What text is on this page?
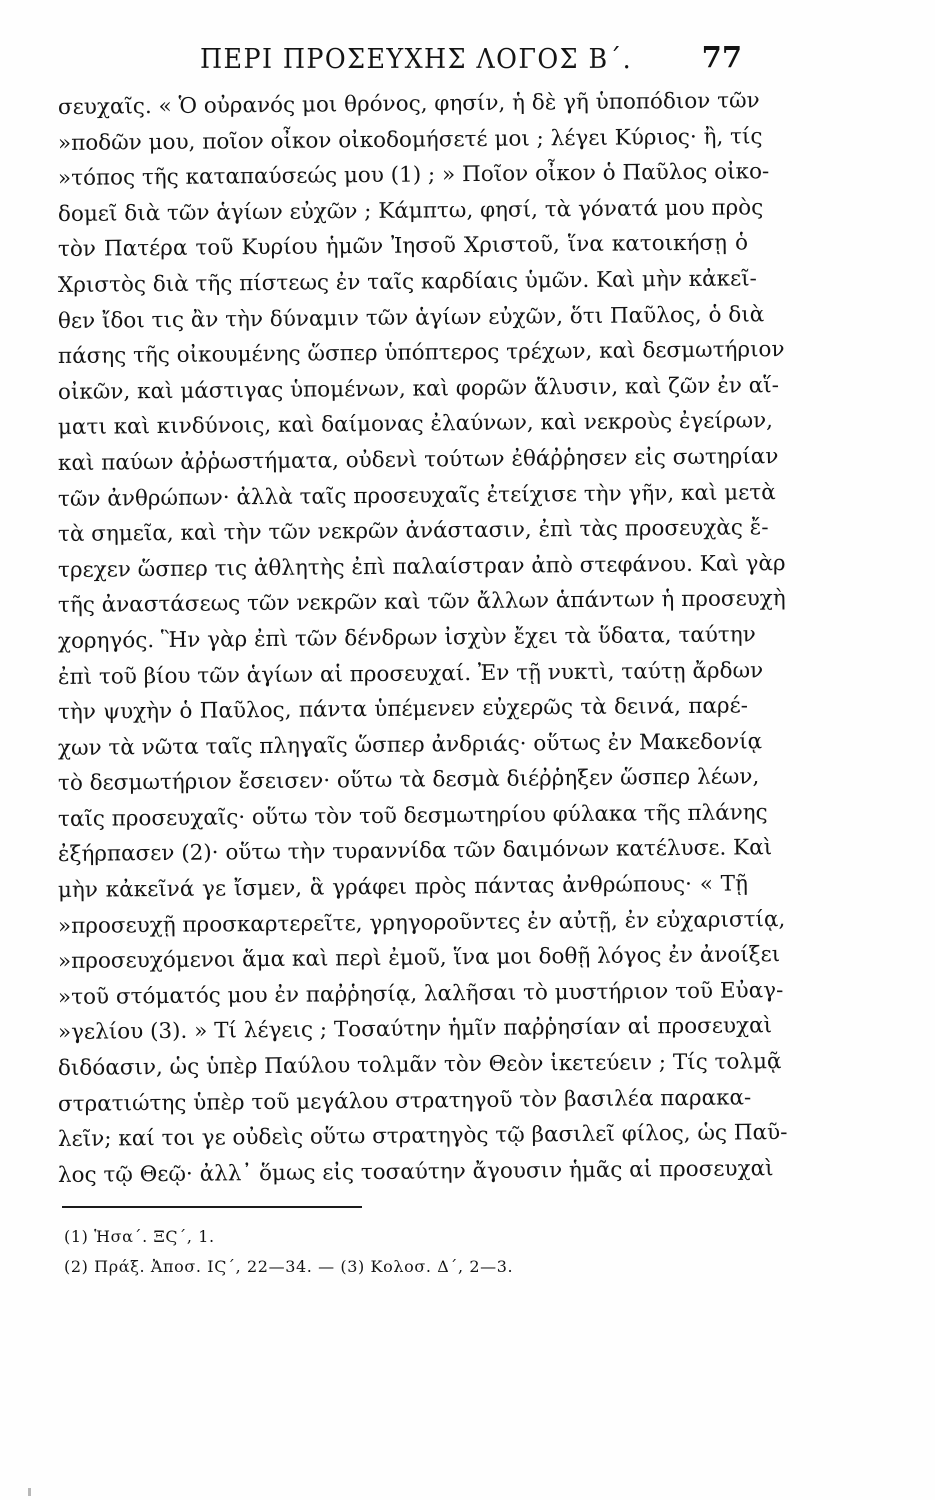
ΠΕΡΙ ΠΡΟΣΕΥΧΗΣ ΛΟΓΟΣ Β΄. 77
σευχαῖς. « Ὁ οὐρανός μοι θρόνος, φησίν, ἡ δὲ γῆ ὑποπόδιον τῶν
»ποδῶν μου, ποῖον οἶκον οἰκοδομήσετέ μοι ; λέγει Κύριος· ἢ, τίς
»τόπος τῆς καταπαύσεώς μου (1) ; » Ποῖον οἶκον ὁ Παῦλος οἰκο-
δομεῖ διὰ τῶν ἁγίων εὐχῶν ; Κάμπτω, φησί, τὰ γόνατά μου πρὸς
τὸν Πατέρα τοῦ Κυρίου ἡμῶν Ἰησοῦ Χριστοῦ, ἵνα κατοικήσῃ ὁ
Χριστὸς διὰ τῆς πίστεως ἐν ταῖς καρδίαις ὑμῶν. Καὶ μὴν κἀκεῖ-
θεν ἴδοι τις ἂν τὴν δύναμιν τῶν ἁγίων εὐχῶν, ὅτι Παῦλος, ὁ διὰ
πάσης τῆς οἰκουμένης ὥσπερ ὑπόπτερος τρέχων, καὶ δεσμωτήριον
οἰκῶν, καὶ μάστιγας ὑπομένων, καὶ φορῶν ἅλυσιν, καὶ ζῶν ἐν αἵ-
ματι καὶ κινδύνοις, καὶ δαίμονας ἐλαύνων, καὶ νεκροὺς ἐγείρων,
καὶ παύων ἀῤῥωστήματα, οὐδενὶ τούτων ἐθάῤῥησεν εἰς σωτηρίαν
τῶν ἀνθρώπων· ἀλλὰ ταῖς προσευχαῖς ἐτείχισε τὴν γῆν, καὶ μετὰ
τὰ σημεῖα, καὶ τὴν τῶν νεκρῶν ἀνάστασιν, ἐπὶ τὰς προσευχὰς ἔ-
τρεχεν ὥσπερ τις ἀθλητὴς ἐπὶ παλαίστραν ἀπὸ στεφάνου. Καὶ γὰρ
τῆς ἀναστάσεως τῶν νεκρῶν καὶ τῶν ἄλλων ἁπάντων ἡ προσευχὴ
χορηγός. Ἣν γὰρ ἐπὶ τῶν δένδρων ἰσχὺν ἔχει τὰ ὕδατα, ταύτην
ἐπὶ τοῦ βίου τῶν ἁγίων αἱ προσευχαί. Ἐν τῇ νυκτὶ, ταύτῃ ἄρδων
τὴν ψυχὴν ὁ Παῦλος, πάντα ὑπέμενεν εὐχερῶς τὰ δεινά, παρέ-
χων τὰ νῶτα ταῖς πληγαῖς ὥσπερ ἀνδριάς· οὕτως ἐν Μακεδονίᾳ
τὸ δεσμωτήριον ἔσεισεν· οὕτω τὰ δεσμὰ διέῤῥηξεν ὥσπερ λέων,
ταῖς προσευχαῖς· οὕτω τὸν τοῦ δεσμωτηρίου φύλακα τῆς πλάνης
ἐξήρπασεν (2)· οὕτω τὴν τυραννίδα τῶν δαιμόνων κατέλυσε. Καὶ
μὴν κἀκεῖνά γε ἴσμεν, ἃ γράφει πρὸς πάντας ἀνθρώπους· « Τῇ
»προσευχῇ προσκαρτερεῖτε, γρηγοροῦντες ἐν αὐτῇ, ἐν εὐχαριστίᾳ,
»προσευχόμενοι ἅμα καὶ περὶ ἐμοῦ, ἵνα μοι δοθῇ λόγος ἐν ἀνοίξει
»τοῦ στόματός μου ἐν παῤῥησίᾳ, λαλῆσαι τὸ μυστήριον τοῦ Εὐαγ-
»γελίου (3). » Τί λέγεις ; Τοσαύτην ἡμῖν παῤῥησίαν αἱ προσευχαὶ
διδόασιν, ὡς ὑπὲρ Παύλου τολμᾶν τὸν Θεὸν ἱκετεύειν ; Τίς τολμᾷ
στρατιώτης ὑπὲρ τοῦ μεγάλου στρατηγοῦ τὸν βασιλέα παρακα-
λεῖν; καί τοι γε οὐδεὶς οὕτω στρατηγὸς τῷ βασιλεῖ φίλος, ὡς Παῦ-
λος τῷ Θεῷ· ἀλλ᾽ ὅμως εἰς τοσαύτην ἄγουσιν ἡμᾶς αἱ προσευχαὶ
(1) Ἡσα΄. ΞϚ΄, 1.
(2) Πράξ. Ἀποσ. ΙϚ΄, 22—34. — (3) Κολοσ. Δ΄, 2—3.
